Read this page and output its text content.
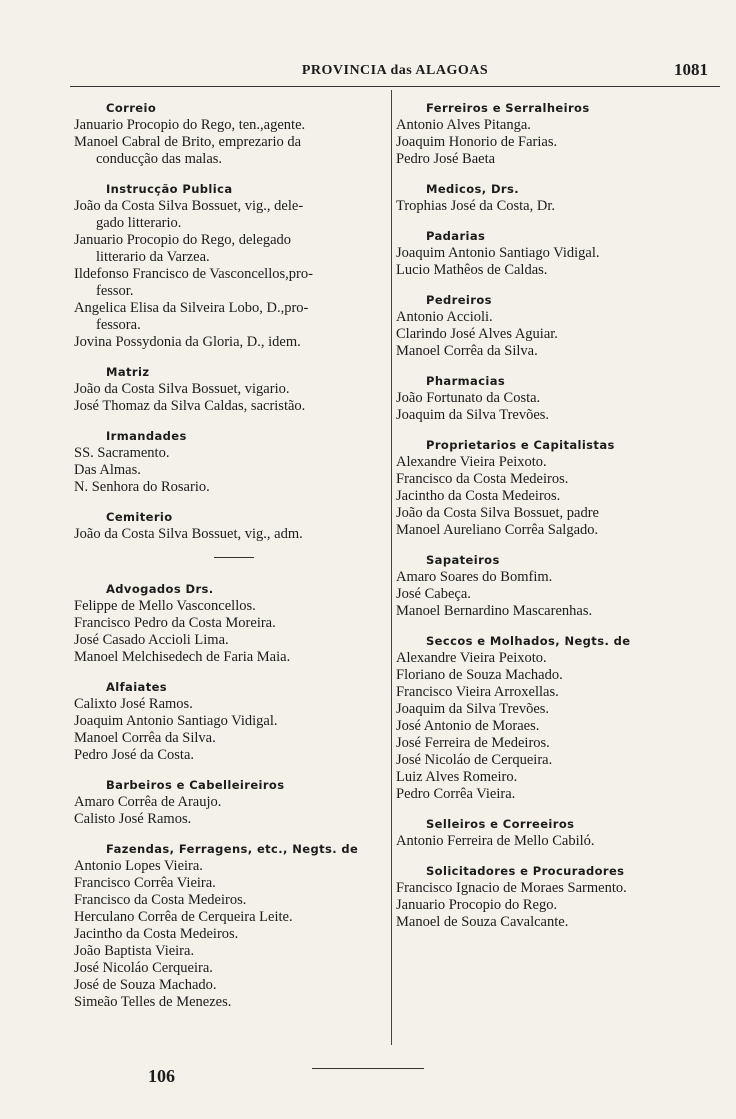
PROVINCIA das ALAGOAS	1081
Correio
Januario Procopio do Rego, ten.,agente.
Manoel Cabral de Brito, emprezario da
conducção das malas.
Instrucção Publica
João da Costa Silva Bossuet, vig., dele-
gado litterario.
Januario Procopio do Rego, delegado
litterario da Varzea.
Ildefonso Francisco de Vasconcellos,pro-
fessor.
Angelica Elisa da Silveira Lobo, D.,pro-
fessora.
Jovina Possydonia da Gloria, D., idem.
Matriz
João da Costa Silva Bossuet, vigario.
José Thomaz da Silva Caldas, sacristão.
Irmandades
SS. Sacramento.
Das Almas.
N. Senhora do Rosario.
Cemiterio
João da Costa Silva Bossuet, vig., adm.
Advogados Drs.
Felippe de Mello Vasconcellos.
Francisco Pedro da Costa Moreira.
José Casado Accioli Lima.
Manoel Melchisedech de Faria Maia.
Alfaiates
Calixto José Ramos.
Joaquim Antonio Santiago Vidigal.
Manoel Corrêa da Silva.
Pedro José da Costa.
Barbeiros e Cabelleireiros
Amaro Corrêa de Araujo.
Calisto José Ramos.
Fazendas, Ferragens, etc., Negts. de
Antonio Lopes Vieira.
Francisco Corrêa Vieira.
Francisco da Costa Medeiros.
Herculano Corrêa de Cerqueira Leite.
Jacintho da Costa Medeiros.
João Baptista Vieira.
José Nicoláo Cerqueira.
José de Souza Machado.
Simeão Telles de Menezes.
Ferreiros e Serralheiros
Antonio Alves Pitanga.
Joaquim Honorio de Farias.
Pedro José Baeta
Medicos, Drs.
Trophias José da Costa, Dr.
Padarias
Joaquim Antonio Santiago Vidigal.
Lucio Mathêos de Caldas.
Pedreiros
Antonio Accioli.
Clarindo José Alves Aguiar.
Manoel Corrêa da Silva.
Pharmacias
João Fortunato da Costa.
Joaquim da Silva Trevões.
Proprietarios e Capitalistas
Alexandre Vieira Peixoto.
Francisco da Costa Medeiros.
Jacintho da Costa Medeiros.
João da Costa Silva Bossuet, padre
Manoel Aureliano Corrêa Salgado.
Sapateiros
Amaro Soares do Bomfim.
José Cabeça.
Manoel Bernardino Mascarenhas.
Seccos e Molhados, Negts. de
Alexandre Vieira Peixoto.
Floriano de Souza Machado.
Francisco Vieira Arroxellas.
Joaquim da Silva Trevões.
José Antonio de Moraes.
José Ferreira de Medeiros.
José Nicoláo de Cerqueira.
Luiz Alves Romeiro.
Pedro Corrêa Vieira.
Selleiros e Correeiros
Antonio Ferreira de Mello Cabiló.
Solicitadores e Procuradores
Francisco Ignacio de Moraes Sarmento.
Januario Procopio do Rego.
Manoel de Souza Cavalcante.
106
